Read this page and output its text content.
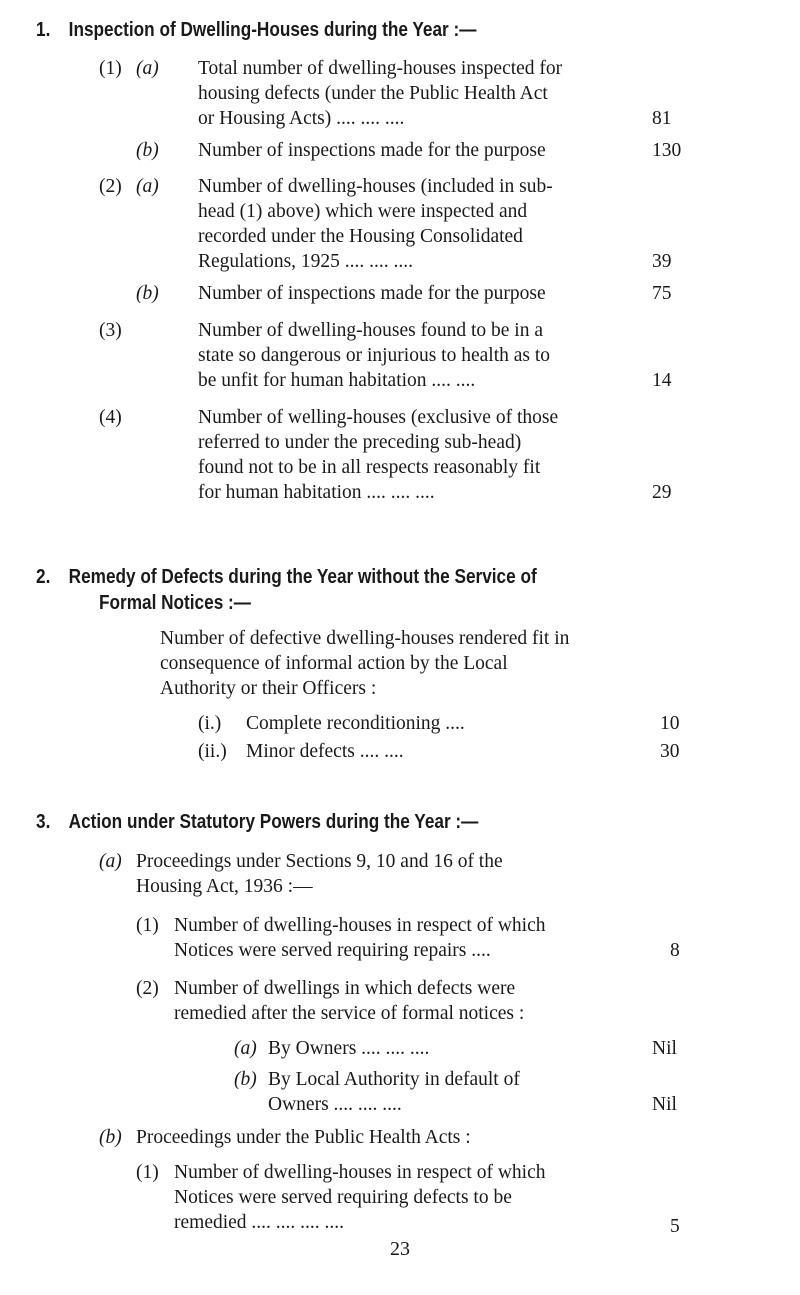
1. Inspection of Dwelling-Houses during the Year :—
(1) (a) Total number of dwelling-houses inspected for
housing defects (under the Public Health Act
or Housing Acts) .... .... ....	81
(b) Number of inspections made for the purpose	130
(2) (a) Number of dwelling-houses (included in sub-
head (1) above) which were inspected and
recorded under the Housing Consolidated
Regulations, 1925 .... .... ....	39
(b) Number of inspections made for the purpose	75
(3)	Number of dwelling-houses found to be in a
state so dangerous or injurious to health as to
be unfit for human habitation .... ....	14
(4)	Number of welling-houses (exclusive of those
referred to under the preceding sub-head)
found not to be in all respects reasonably fit
for human habitation .... .... ....	29
2. Remedy of Defects during the Year without the Service of
Formal Notices :—
Number of defective dwelling-houses rendered fit in
consequence of informal action by the Local
Authority or their Officers :
(i.) Complete reconditioning ....	10
(ii.) Minor defects .... ....	30
3. Action under Statutory Powers during the Year :—
(a) Proceedings under Sections 9, 10 and 16 of the
Housing Act, 1936 :—
(1) Number of dwelling-houses in respect of which
Notices were served requiring repairs ....	8
(2) Number of dwellings in which defects were
remedied after the service of formal notices :
(a) By Owners .... .... ....	Nil
(b) By Local Authority in default of
Owners .... .... ....	Nil
(b) Proceedings under the Public Health Acts :
(1) Number of dwelling-houses in respect of which
Notices were served requiring defects to be
remedied .... .... .... ....	5
23
